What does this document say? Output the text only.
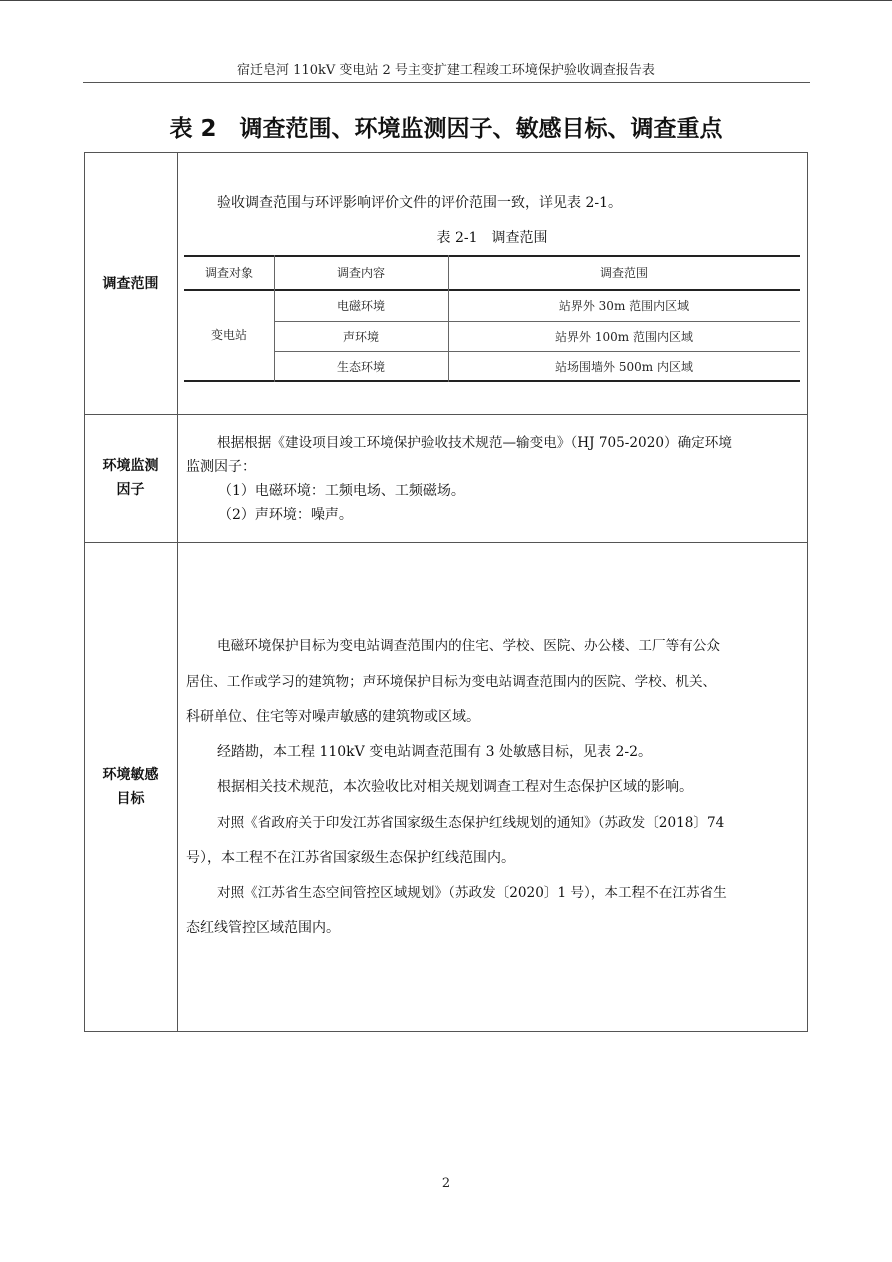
宿迁皂河 110kV 变电站 2 号主变扩建工程竣工环境保护验收调查报告表
表 2　调查范围、环境监测因子、敏感目标、调查重点
调查范围
验收调查范围与环评影响评价文件的评价范围一致，详见表 2-1。
表 2-1　调查范围
调查对象	调查内容	调查范围
变电站
电磁环境	站界外 30m 范围内区域
声环境	站界外 100m 范围内区域
生态环境	站场围墙外 500m 内区域
环境监测
因子
根据根据《建设项目竣工环境保护验收技术规范—输变电》（HJ 705-2020）确定环境
监测因子：
（1）电磁环境：工频电场、工频磁场。
（2）声环境：噪声。
环境敏感
目标
电磁环境保护目标为变电站调查范围内的住宅、学校、医院、办公楼、工厂等有公众
居住、工作或学习的建筑物；声环境保护目标为变电站调查范围内的医院、学校、机关、
科研单位、住宅等对噪声敏感的建筑物或区域。
经踏勘，本工程 110kV 变电站调查范围有 3 处敏感目标，见表 2-2。
根据相关技术规范，本次验收比对相关规划调查工程对生态保护区域的影响。
对照《省政府关于印发江苏省国家级生态保护红线规划的通知》（苏政发〔2018〕74
号），本工程不在江苏省国家级生态保护红线范围内。
对照《江苏省生态空间管控区域规划》（苏政发〔2020〕1 号），本工程不在江苏省生
态红线管控区域范围内。
2
